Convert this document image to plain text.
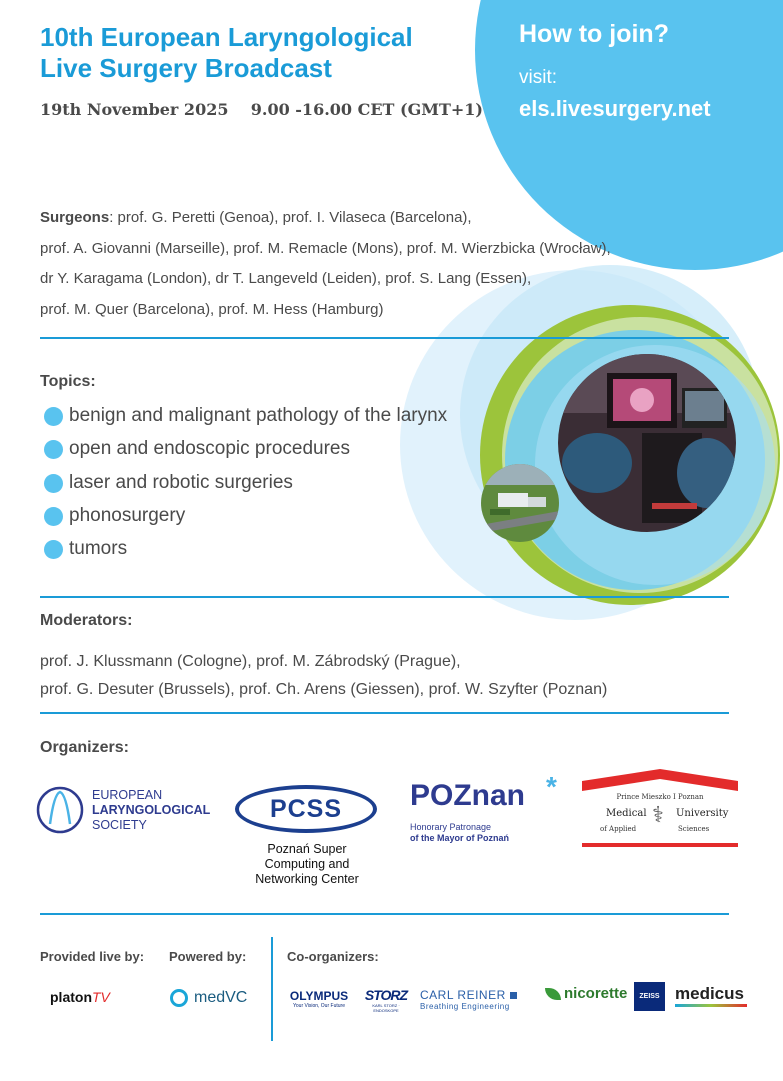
How to join?
visit:
els.livesurgery.net
10th European Laryngological
Live Surgery Broadcast
19th November 2025 9.00 -16.00 CET (GMT+1)
Surgeons: prof. G. Peretti (Genoa), prof. I. Vilaseca (Barcelona),
prof. A. Giovanni (Marseille), prof. M. Remacle (Mons), prof. M. Wierzbicka (Wrocław),
dr Y. Karagama (London), dr T. Langeveld (Leiden), prof. S. Lang (Essen),
prof. M. Quer (Barcelona), prof. M. Hess (Hamburg)
Topics:
benign and malignant pathology of the larynx
open and endoscopic procedures
laser and robotic surgeries
phonosurgery
tumors
Moderators:
prof. J. Klussmann (Cologne), prof. M. Zábrodský (Prague),
prof. G. Desuter (Brussels), prof. Ch. Arens (Giessen), prof. W. Szyfter (Poznan)
Organizers:
EUROPEAN
LARYNGOLOGICAL
SOCIETY
PCSS
Poznań Super
Computing and
Networking Center
POZnan *
Honorary Patronage
of the Mayor of Poznań
Prince Mieszko I Poznan
Medical ⚕ University
of Applied	Sciences
Provided live by: Powered by:	Co-organizers:
platonTV	medVC	OLYMPUS
Your Vision, Our Future
STORZ
KARL STORZ · ENDOSKOPE
CARL REINER
Breathing Engineering
nicorette ZEISS medicus
